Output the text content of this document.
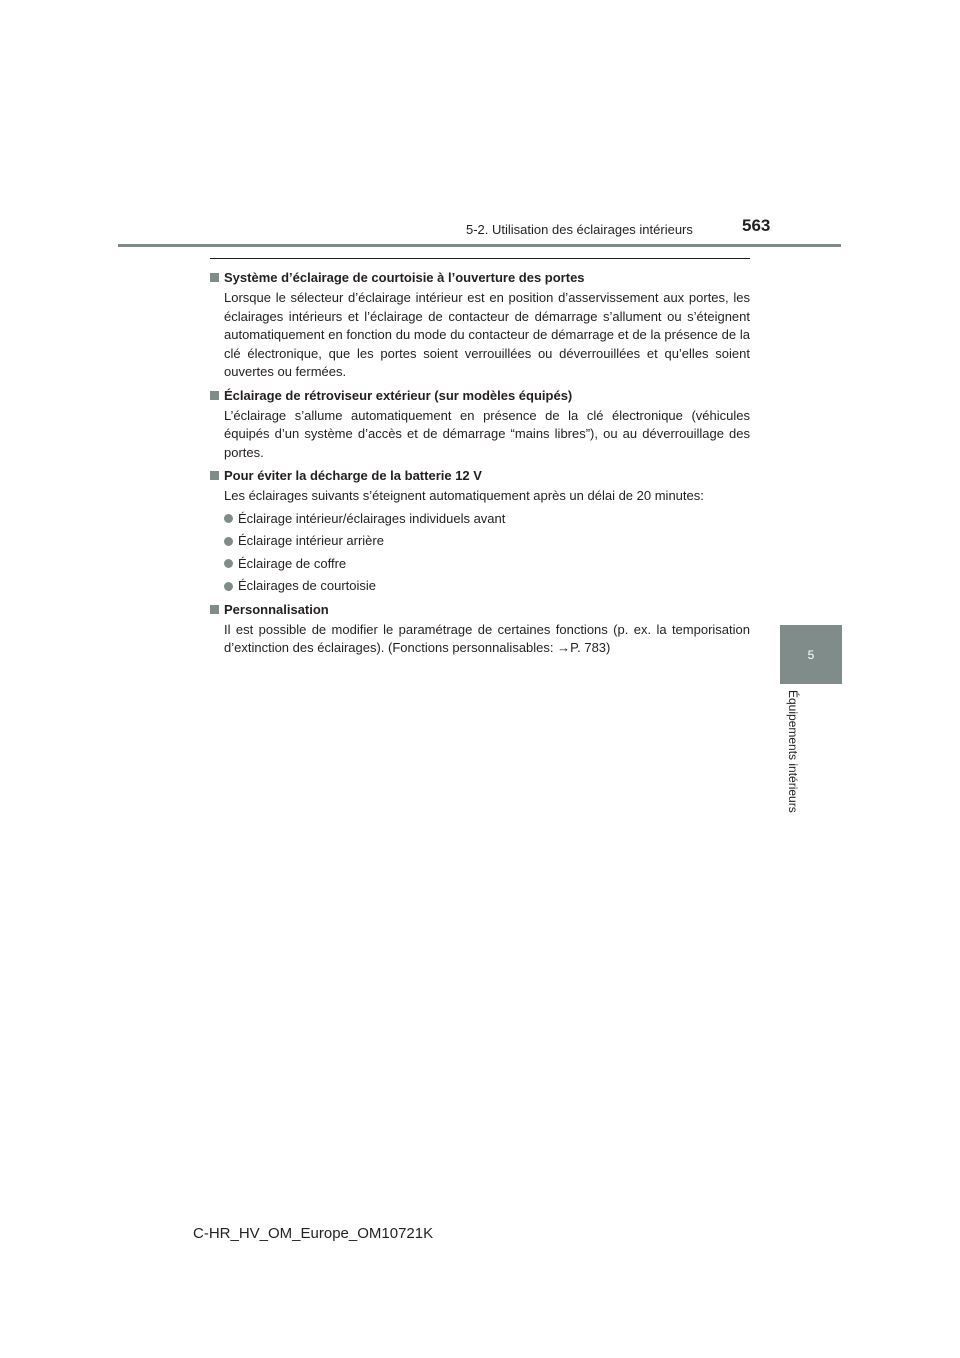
5-2. Utilisation des éclairages intérieurs	563
5
Équipements intérieurs
Système d’éclairage de courtoisie à l’ouverture des portes

Lorsque le sélecteur d’éclairage intérieur est en position d’asservissement aux portes, les éclairages intérieurs et l’éclairage de contacteur de démarrage s’allument ou s’éteignent automatiquement en fonction du mode du contacteur de démarrage et de la présence de la clé électronique, que les portes soient verrouillées ou déverrouillées et qu’elles soient ouvertes ou fermées.

Éclairage de rétroviseur extérieur (sur modèles équipés)

L’éclairage s’allume automatiquement en présence de la clé électronique (véhicules équipés d’un système d’accès et de démarrage “mains libres”), ou au déverrouillage des portes.

Pour éviter la décharge de la batterie 12 V

Les éclairages suivants s’éteignent automatiquement après un délai de 20 minutes:

Éclairage intérieur/éclairages individuels avant
Éclairage intérieur arrière
Éclairage de coffre
Éclairages de courtoisie
Personnalisation

Il est possible de modifier le paramétrage de certaines fonctions (p. ex. la temporisation d’extinction des éclairages). (Fonctions personnalisables: →P. 783)

C-HR_HV_OM_Europe_OM10721K
